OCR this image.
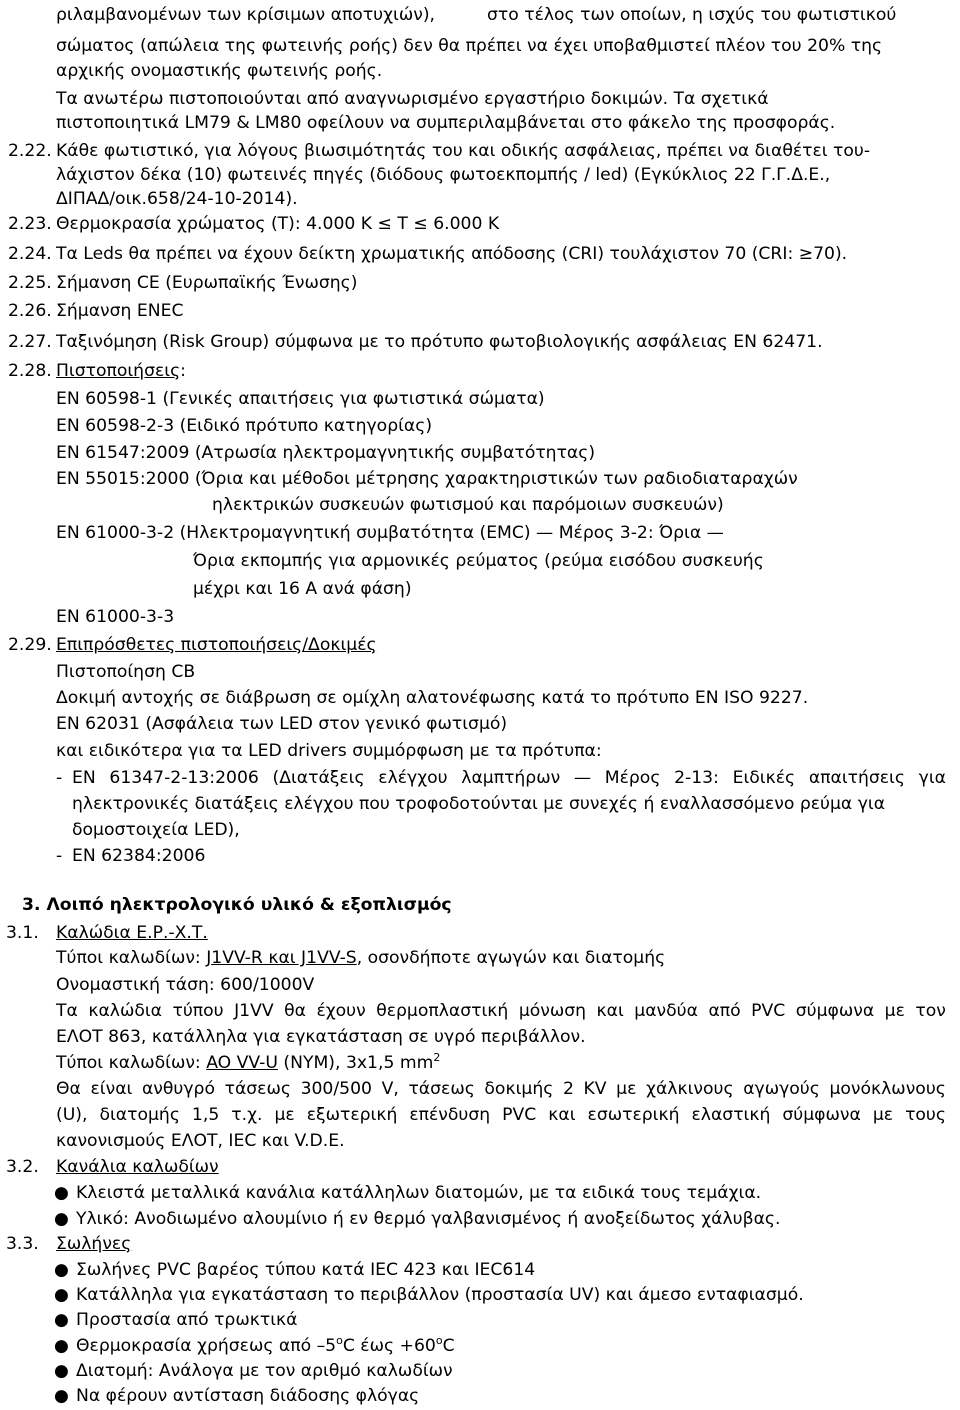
ριλαμβανομένων των κρίσιμων αποτυχιών),	στο τέλος των οποίων, η ισχύς του φωτιστικού
σώματος (απώλεια της φωτεινής ροής) δεν θα πρέπει να έχει υποβαθμιστεί πλέον του 20% της
αρχικής ονομαστικής φωτεινής ροής.
Τα ανωτέρω πιστοποιούνται από αναγνωρισμένο εργαστήριο δοκιμών. Τα σχετικά
πιστοποιητικά LM79 & LM80 οφείλουν να συμπεριλαμβάνεται στο φάκελο της προσφοράς.
2.22. Κάθε φωτιστικό, για λόγους βιωσιμότητάς του και οδικής ασφάλειας, πρέπει να διαθέτει του-
λάχιστον δέκα (10) φωτεινές πηγές (διόδους φωτοεκπομπής / led) (Εγκύκλιος 22 Γ.Γ.Δ.Ε.,
ΔΙΠΑΔ/οικ.658/24-10-2014).
2.23. Θερμοκρασία χρώματος (Τ): 4.000 K ≤ T ≤ 6.000 K
2.24. Τα Leds θα πρέπει να έχουν δείκτη χρωματικής απόδοσης (CRI) τουλάχιστον 70 (CRI: ≥70).
2.25. Σήμανση CE (Ευρωπαϊκής Ένωσης)
2.26. Σήμανση ENEC
2.27. Ταξινόμηση (Risk Group) σύμφωνα με το πρότυπο φωτοβιολογικής ασφάλειας EN 62471.
2.28. Πιστοποιήσεις:
EN 60598-1 (Γενικές απαιτήσεις για φωτιστικά σώματα)
EN 60598-2-3 (Ειδικό πρότυπο κατηγορίας)
EN 61547:2009 (Ατρωσία ηλεκτρομαγνητικής συμβατότητας)
EN 55015:2000 (Όρια και μέθοδοι μέτρησης χαρακτηριστικών των ραδιοδιαταραχών
ηλεκτρικών συσκευών φωτισμού και παρόμοιων συσκευών)
EN 61000-3-2 (Ηλεκτρομαγνητική συμβατότητα (EMC) — Μέρος 3-2: Όρια —
Όρια εκπομπής για αρμονικές ρεύματος (ρεύμα εισόδου συσκευής
μέχρι και 16 A ανά φάση)
EN 61000-3-3
2.29. Επιπρόσθετες πιστοποιήσεις/Δοκιμές
Πιστοποίηση CB
Δοκιμή αντοχής σε διάβρωση σε ομίχλη αλατονέφωσης κατά το πρότυπο EN ISO 9227.
EN 62031 (Ασφάλεια των LED στον γενικό φωτισμό)
και ειδικότερα για τα LED drivers συμμόρφωση με τα πρότυπα:
- EN 61347-2-13:2006 (Διατάξεις ελέγχου λαμπτήρων — Μέρος 2-13: Ειδικές απαιτήσεις για
ηλεκτρονικές διατάξεις ελέγχου που τροφοδοτούνται με συνεχές ή εναλλασσόμενο ρεύμα για
δομοστοιχεία LED),
- EN 62384:2006
3. Λοιπό ηλεκτρολογικό υλικό & εξοπλισμός
3.1. Καλώδια Ε.Ρ.-Χ.Τ.
Τύποι καλωδίων: J1VV-R και J1VV-S, οσονδήποτε αγωγών και διατομής
Ονομαστική τάση: 600/1000V
Τα καλώδια τύπου J1VV θα έχουν θερμοπλαστική μόνωση και μανδύα από PVC σύμφωνα με τον
ΕΛΟΤ 863, κατάλληλα για εγκατάσταση σε υγρό περιβάλλον.
Τύποι καλωδίων: AO VV-U (NYM), 3x1,5 $mm^2$
Θα είναι ανθυγρό τάσεως 300/500 V, τάσεως δοκιμής 2 KV με χάλκινους αγωγούς μονόκλωνους
(U), διατομής 1,5 τ.χ. με εξωτερική επένδυση PVC και εσωτερική ελαστική σύμφωνα με τους
κανονισμούς ΕΛΟΤ, IEC και V.D.E.
3.2. Κανάλια καλωδίων
● Κλειστά μεταλλικά κανάλια κατάλληλων διατομών, με τα ειδικά τους τεμάχια.
● Υλικό: Ανοδιωμένο αλουμίνιο ή εν θερμό γαλβανισμένος ή ανοξείδωτος χάλυβας.
3.3. Σωλήνες
● Σωλήνες PVC βαρέος τύπου κατά IEC 423 και IEC614
● Κατάλληλα για εγκατάσταση το περιβάλλον (προστασία UV) και άμεσο ενταφιασμό.
● Προστασία από τρωκτικά
● Θερμοκρασία χρήσεως από $-5^oC$ $έ\omega\varsigma +60^oC$
● Διατομή: Ανάλογα με τον αριθμό καλωδίων
● Να φέρουν αντίσταση διάδοσης φλόγας
